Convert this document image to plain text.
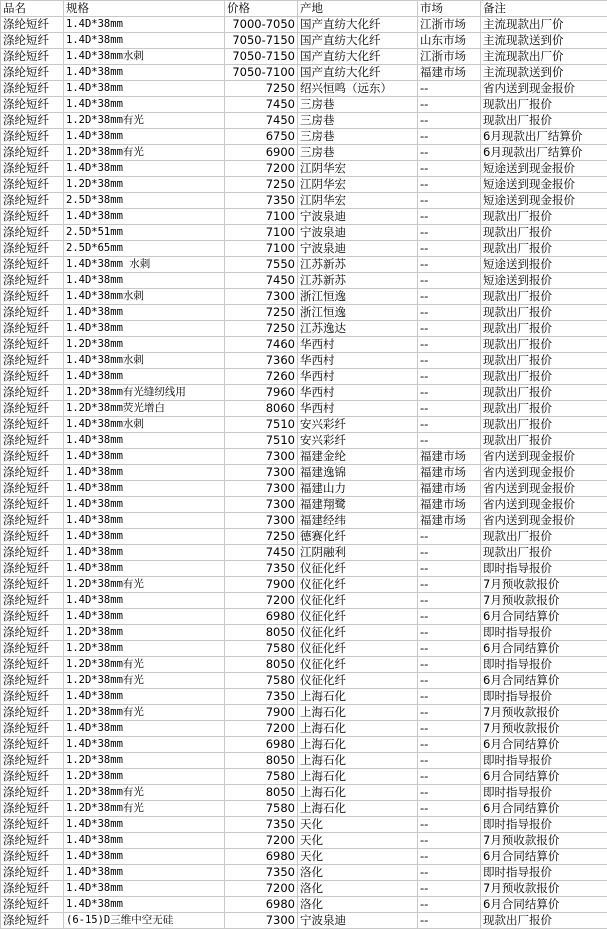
品名	规格	价格	产地	市场	备注
涤纶短纤	1.4D*38mm	7000-7050	国产直纺大化纤	江浙市场	主流现款出厂价
涤纶短纤	1.4D*38mm	7050-7150	国产直纺大化纤	山东市场	主流现款送到价
涤纶短纤	1.4D*38mm水刺	7050-7150	国产直纺大化纤	江浙市场	主流现款出厂价
涤纶短纤	1.4D*38mm	7050-7100	国产直纺大化纤	福建市场	主流现款送到价
涤纶短纤	1.4D*38mm	7250	绍兴恒鸣（远东）	--	省内送到现金报价
涤纶短纤	1.4D*38mm	7450	三房巷	--	现款出厂报价
涤纶短纤	1.2D*38mm有光	7450	三房巷	--	现款出厂报价
涤纶短纤	1.4D*38mm	6750	三房巷	--	6月现款出厂结算价
涤纶短纤	1.2D*38mm有光	6900	三房巷	--	6月现款出厂结算价
涤纶短纤	1.4D*38mm	7200	江阴华宏	--	短途送到现金报价
涤纶短纤	1.2D*38mm	7250	江阴华宏	--	短途送到现金报价
涤纶短纤	2.5D*38mm	7350	江阴华宏	--	短途送到现金报价
涤纶短纤	1.4D*38mm	7100	宁波泉迪	--	现款出厂报价
涤纶短纤	2.5D*51mm	7100	宁波泉迪	--	现款出厂报价
涤纶短纤	2.5D*65mm	7100	宁波泉迪	--	现款出厂报价
涤纶短纤	1.4D*38mm 水刺	7550	江苏新苏	--	短途送到报价
涤纶短纤	1.4D*38mm	7450	江苏新苏	--	短途送到报价
涤纶短纤	1.4D*38mm水刺	7300	浙江恒逸	--	现款出厂报价
涤纶短纤	1.4D*38mm	7250	浙江恒逸	--	现款出厂报价
涤纶短纤	1.4D*38mm	7250	江苏逸达	--	现款出厂报价
涤纶短纤	1.2D*38mm	7460	华西村	--	现款出厂报价
涤纶短纤	1.4D*38mm水刺	7360	华西村	--	现款出厂报价
涤纶短纤	1.4D*38mm	7260	华西村	--	现款出厂报价
涤纶短纤	1.2D*38mm有光缝纫线用	7960	华西村	--	现款出厂报价
涤纶短纤	1.2D*38mm荧光增白	8060	华西村	--	现款出厂报价
涤纶短纤	1.4D*38mm水刺	7510	安兴彩纤	--	现款出厂报价
涤纶短纤	1.4D*38mm	7510	安兴彩纤	--	现款出厂报价
涤纶短纤	1.4D*38mm	7300	福建金纶	福建市场	省内送到现金报价
涤纶短纤	1.4D*38mm	7300	福建逸锦	福建市场	省内送到现金报价
涤纶短纤	1.4D*38mm	7300	福建山力	福建市场	省内送到现金报价
涤纶短纤	1.4D*38mm	7300	福建翔鹭	福建市场	省内送到现金报价
涤纶短纤	1.4D*38mm	7300	福建经纬	福建市场	省内送到现金报价
涤纶短纤	1.4D*38mm	7250	德赛化纤	--	现款出厂报价
涤纶短纤	1.4D*38mm	7450	江阴融利	--	现款出厂报价
涤纶短纤	1.4D*38mm	7350	仪征化纤	--	即时指导报价
涤纶短纤	1.2D*38mm有光	7900	仪征化纤	--	7月预收款报价
涤纶短纤	1.4D*38mm	7200	仪征化纤	--	7月预收款报价
涤纶短纤	1.4D*38mm	6980	仪征化纤	--	6月合同结算价
涤纶短纤	1.2D*38mm	8050	仪征化纤	--	即时指导报价
涤纶短纤	1.2D*38mm	7580	仪征化纤	--	6月合同结算价
涤纶短纤	1.2D*38mm有光	8050	仪征化纤	--	即时指导报价
涤纶短纤	1.2D*38mm有光	7580	仪征化纤	--	6月合同结算价
涤纶短纤	1.4D*38mm	7350	上海石化	--	即时指导报价
涤纶短纤	1.2D*38mm有光	7900	上海石化	--	7月预收款报价
涤纶短纤	1.4D*38mm	7200	上海石化	--	7月预收款报价
涤纶短纤	1.4D*38mm	6980	上海石化	--	6月合同结算价
涤纶短纤	1.2D*38mm	8050	上海石化	--	即时指导报价
涤纶短纤	1.2D*38mm	7580	上海石化	--	6月合同结算价
涤纶短纤	1.2D*38mm有光	8050	上海石化	--	即时指导报价
涤纶短纤	1.2D*38mm有光	7580	上海石化	--	6月合同结算价
涤纶短纤	1.4D*38mm	7350	天化	--	即时指导报价
涤纶短纤	1.4D*38mm	7200	天化	--	7月预收款报价
涤纶短纤	1.4D*38mm	6980	天化	--	6月合同结算价
涤纶短纤	1.4D*38mm	7350	洛化	--	即时指导报价
涤纶短纤	1.4D*38mm	7200	洛化	--	7月预收款报价
涤纶短纤	1.4D*38mm	6980	洛化	--	6月合同结算价
涤纶短纤	(6-15)D三维中空无硅	7300	宁波泉迪	--	现款出厂报价
